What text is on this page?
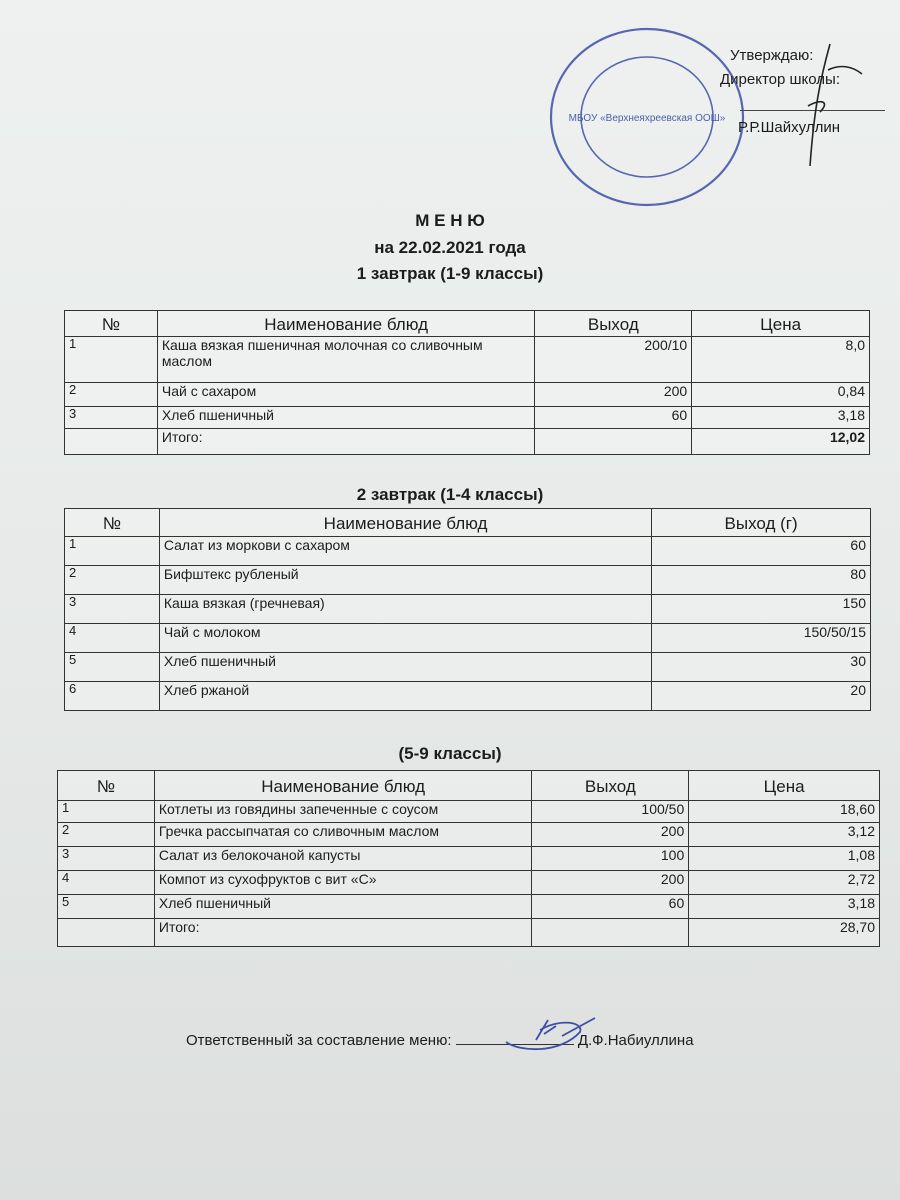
МБОУ «Верхнеяхреевская ООШ»
Утверждаю:
Директор школы:
Р.Р.Шайхуллин
М Е Н Ю
на 22.02.2021 года
1 завтрак (1-9 классы)
№	Наименование блюд	Выход	Цена
1	Каша вязкая пшеничная молочная со сливочным маслом	200/10	8,0
2	Чай с сахаром	200	0,84
3	Хлеб пшеничный	60	3,18
	Итого:		12,02
2 завтрак (1-4 классы)
№	Наименование блюд	Выход (г)
1	Салат из моркови с сахаром	60
2	Бифштекс рубленый	80
3	Каша вязкая (гречневая)	150
4	Чай с молоком	150/50/15
5	Хлеб пшеничный	30
6	Хлеб ржаной	20
(5-9 классы)
№	Наименование блюд	Выход	Цена
1	Котлеты из говядины запеченные с соусом	100/50	18,60
2	Гречка рассыпчатая со сливочным маслом	200	3,12
3	Салат из белокочаной капусты	100	1,08
4	Компот из сухофруктов с вит «С»	200	2,72
5	Хлеб пшеничный	60	3,18
	Итого:		28,70
Ответственный за составление меню:	Д.Ф.Набиуллина
